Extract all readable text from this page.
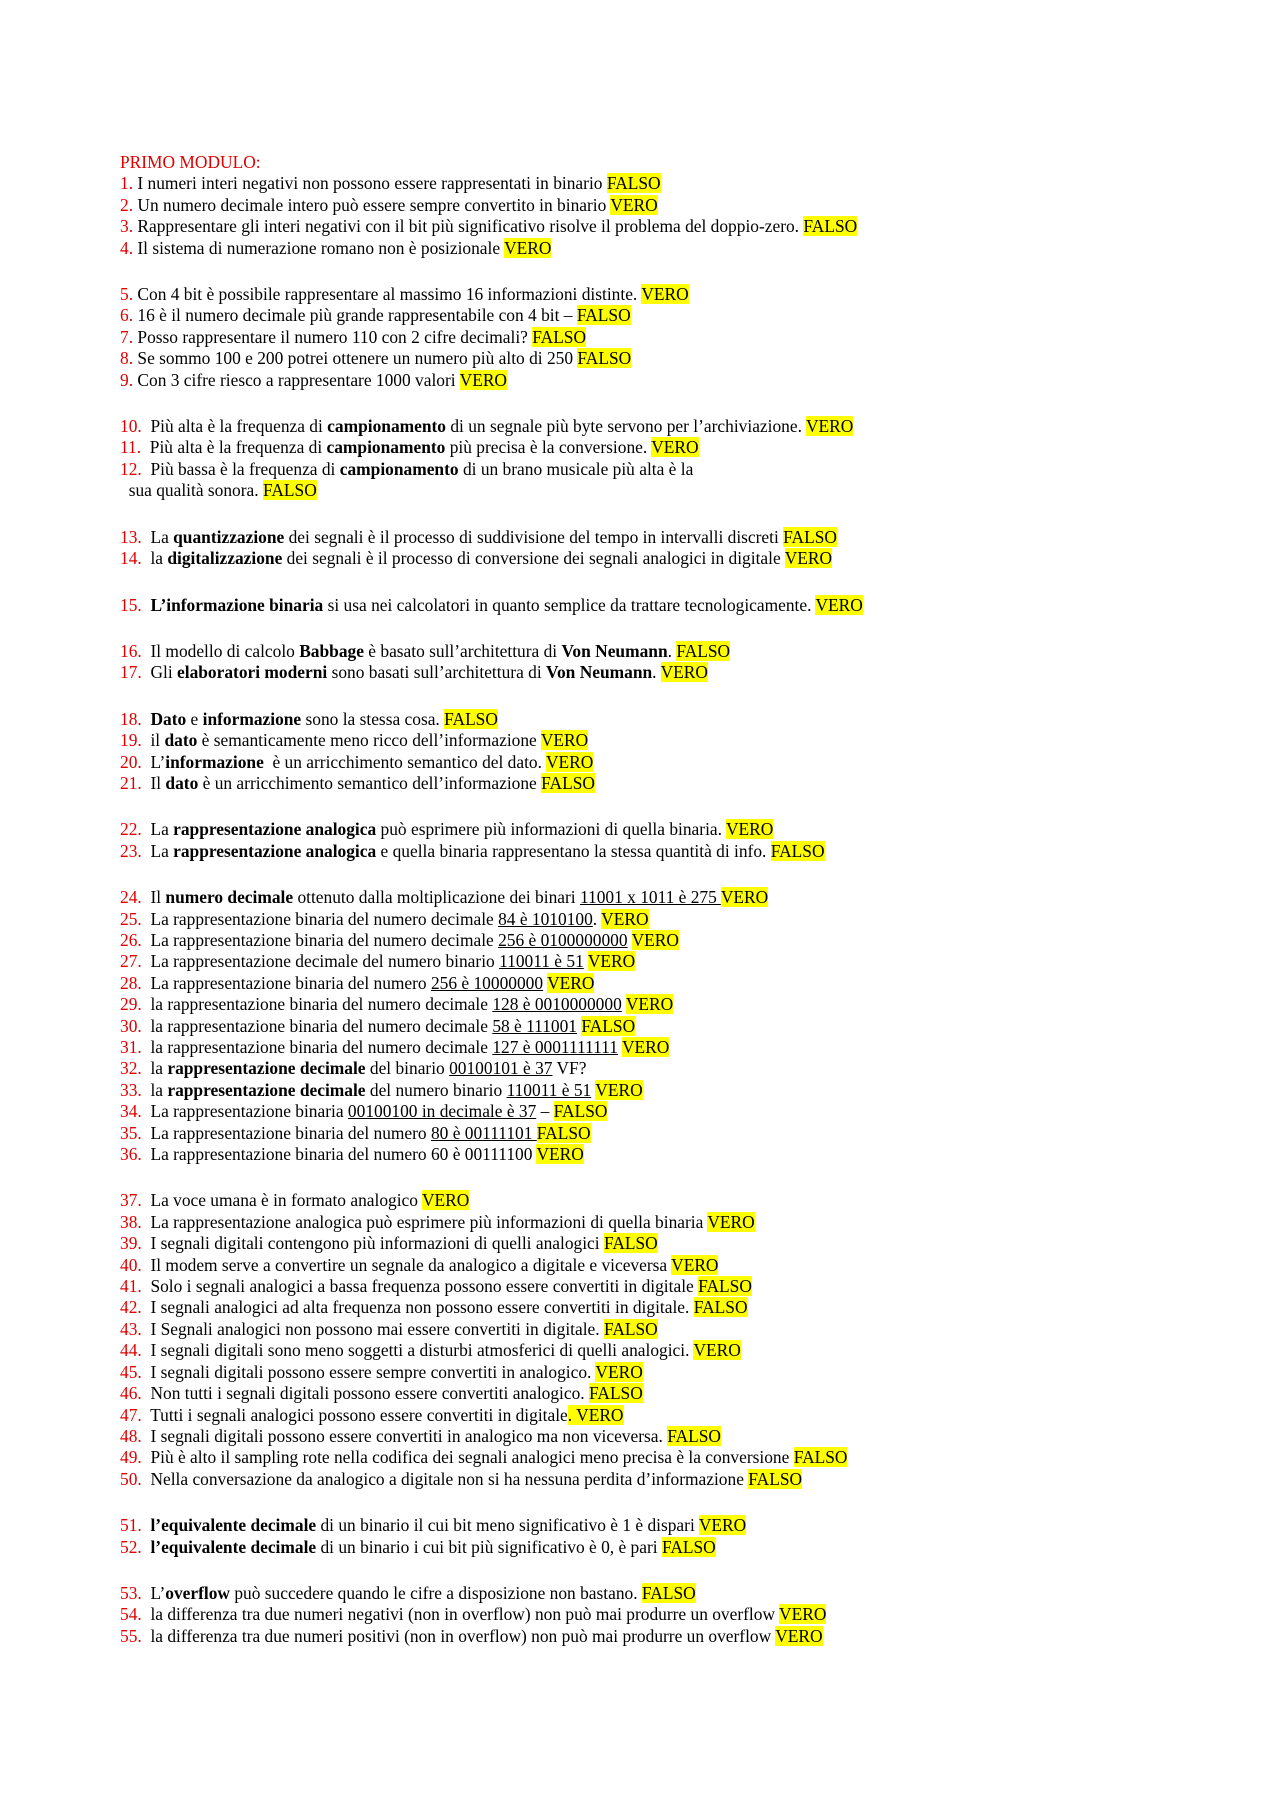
PRIMO MODULO:
1. I numeri interi negativi non possono essere rappresentati in binario FALSO
2. Un numero decimale intero può essere sempre convertito in binario VERO
3. Rappresentare gli interi negativi con il bit più significativo risolve il problema del doppio-zero. FALSO
4. Il sistema di numerazione romano non è posizionale VERO
5. Con 4 bit è possibile rappresentare al massimo 16 informazioni distinte. VERO
6. 16 è il numero decimale più grande rappresentabile con 4 bit – FALSO
7. Posso rappresentare il numero 110 con 2 cifre decimali? FALSO
8. Se sommo 100 e 200 potrei ottenere un numero più alto di 250 FALSO
9. Con 3 cifre riesco a rappresentare 1000 valori VERO
10.  Più alta è la frequenza di campionamento di un segnale più byte servono per l’archiviazione. VERO
11.  Più alta è la frequenza di campionamento più precisa è la conversione. VERO
12.  Più bassa è la frequenza di campionamento di un brano musicale più alta è la
sua qualità sonora. FALSO
13.  La quantizzazione dei segnali è il processo di suddivisione del tempo in intervalli discreti FALSO
14.  la digitalizzazione dei segnali è il processo di conversione dei segnali analogici in digitale VERO
15. L’informazione binaria si usa nei calcolatori in quanto semplice da trattare tecnologicamente. VERO
16.  Il modello di calcolo Babbage è basato sull’architettura di Von Neumann. FALSO
17.  Gli elaboratori moderni sono basati sull’architettura di Von Neumann. VERO
18. Dato e informazione sono la stessa cosa. FALSO
19.  il dato è semanticamente meno ricco dell’informazione VERO
20.  L’informazione  è un arricchimento semantico del dato. VERO
21.  Il dato è un arricchimento semantico dell’informazione FALSO
22.  La rappresentazione analogica può esprimere più informazioni di quella binaria. VERO
23.  La rappresentazione analogica e quella binaria rappresentano la stessa quantità di info. FALSO
24.  Il numero decimale ottenuto dalla moltiplicazione dei binari 11001 x 1011 è 275 VERO
25.  La rappresentazione binaria del numero decimale 84 è 1010100. VERO
26.  La rappresentazione binaria del numero decimale 256 è 0100000000 VERO
27.  La rappresentazione decimale del numero binario 110011 è 51 VERO
28.  La rappresentazione binaria del numero 256 è 10000000 VERO
29.  la rappresentazione binaria del numero decimale 128 è 0010000000 VERO
30.  la rappresentazione binaria del numero decimale 58 è 111001 FALSO
31.  la rappresentazione binaria del numero decimale 127 è 0001111111 VERO
32.  la rappresentazione decimale del binario 00100101 è 37 VF?
33.  la rappresentazione decimale del numero binario 110011 è 51 VERO
34.  La rappresentazione binaria 00100100 in decimale è 37 – FALSO
35.  La rappresentazione binaria del numero 80 è 00111101 FALSO
36.  La rappresentazione binaria del numero 60 è 00111100 VERO
37.  La voce umana è in formato analogico VERO
38.  La rappresentazione analogica può esprimere più informazioni di quella binaria VERO
39.  I segnali digitali contengono più informazioni di quelli analogici FALSO
40.  Il modem serve a convertire un segnale da analogico a digitale e viceversa VERO
41.  Solo i segnali analogici a bassa frequenza possono essere convertiti in digitale FALSO
42.  I segnali analogici ad alta frequenza non possono essere convertiti in digitale. FALSO
43.  I Segnali analogici non possono mai essere convertiti in digitale. FALSO
44.  I segnali digitali sono meno soggetti a disturbi atmosferici di quelli analogici. VERO
45.  I segnali digitali possono essere sempre convertiti in analogico. VERO
46.  Non tutti i segnali digitali possono essere convertiti analogico. FALSO
47.  Tutti i segnali analogici possono essere convertiti in digitale. VERO
48.  I segnali digitali possono essere convertiti in analogico ma non viceversa. FALSO
49.  Più è alto il sampling rote nella codifica dei segnali analogici meno precisa è la conversione FALSO
50.  Nella conversazione da analogico a digitale non si ha nessuna perdita d’informazione FALSO
51. l’equivalente decimale di un binario il cui bit meno significativo è 1 è dispari VERO
52. l’equivalente decimale di un binario i cui bit più significativo è 0, è pari FALSO
53.  L’overflow può succedere quando le cifre a disposizione non bastano. FALSO
54.  la differenza tra due numeri negativi (non in overflow) non può mai produrre un overflow VERO
55.  la differenza tra due numeri positivi (non in overflow) non può mai produrre un overflow VERO
